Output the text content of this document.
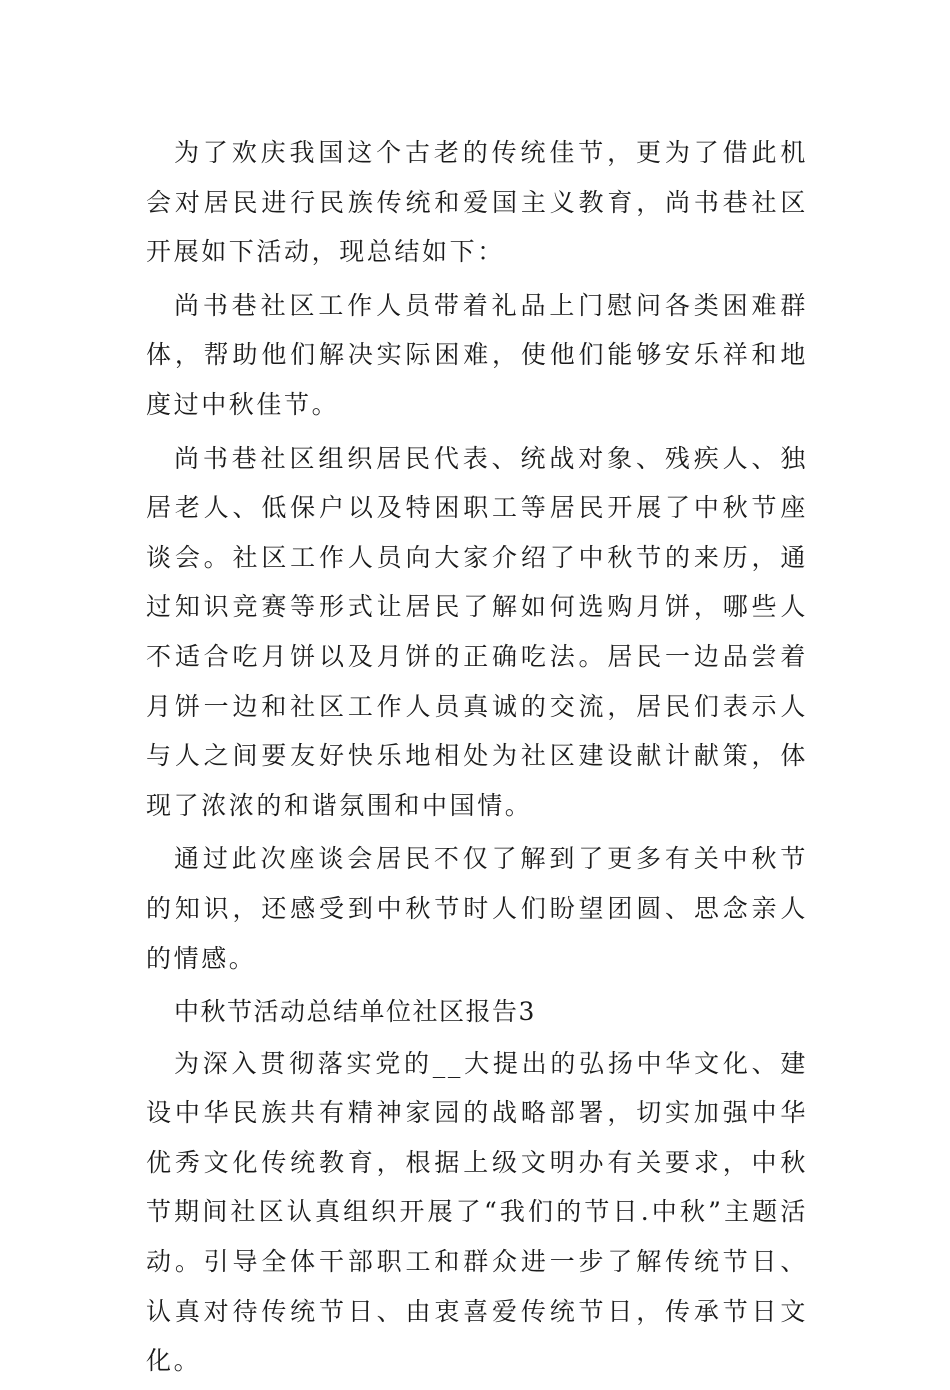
为了欢庆我国这个古老的传统佳节，更为了借此机会对居民进行民族传统和爱国主义教育，尚书巷社区开展如下活动，现总结如下：

尚书巷社区工作人员带着礼品上门慰问各类困难群体，帮助他们解决实际困难，使他们能够安乐祥和地度过中秋佳节。

尚书巷社区组织居民代表、统战对象、残疾人、独居老人、低保户以及特困职工等居民开展了中秋节座谈会。社区工作人员向大家介绍了中秋节的来历，通过知识竞赛等形式让居民了解如何选购月饼，哪些人不适合吃月饼以及月饼的正确吃法。居民一边品尝着月饼一边和社区工作人员真诚的交流，居民们表示人与人之间要友好快乐地相处为社区建设献计献策，体现了浓浓的和谐氛围和中国情。

通过此次座谈会居民不仅了解到了更多有关中秋节的知识，还感受到中秋节时人们盼望团圆、思念亲人的情感。

中秋节活动总结单位社区报告3

为深入贯彻落实党的__大提出的弘扬中华文化、建设中华民族共有精神家园的战略部署，切实加强中华优秀文化传统教育，根据上级文明办有关要求，中秋节期间社区认真组织开展了“我们的节日.中秋”主题活动。引导全体干部职工和群众进一步了解传统节日、认真对待传统节日、由衷喜爱传统节日，传承节日文化。
